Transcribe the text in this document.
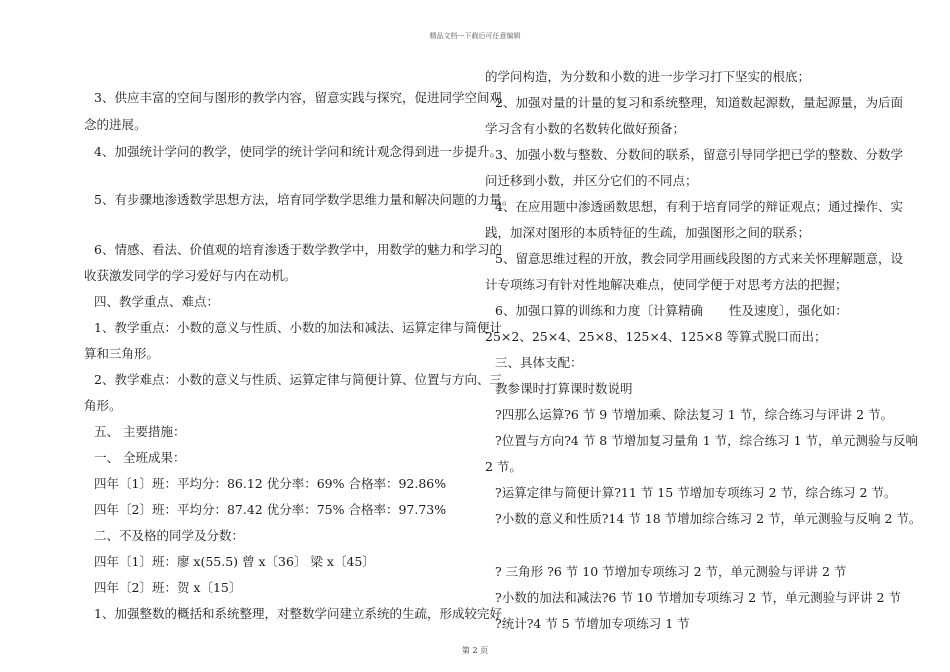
精品文档---下载后可任意编辑
3、供应丰富的空间与图形的教学内容，留意实践与探究，促进同学空间观
念的进展。
4、加强统计学问的教学，使同学的统计学问和统计观念得到进一步提升。
5、有步骤地渗透数学思想方法，培育同学数学思维力量和解决问题的力量。
6、情感、看法、价值观的培育渗透于数学教学中，用数学的魅力和学习的
收获激发同学的学习爱好与内在动机。
四、教学重点、难点：
1、教学重点：小数的意义与性质、小数的加法和减法、运算定律与简便计
算和三角形。
2、教学难点：小数的意义与性质、运算定律与简便计算、位置与方向、三
角形。
五、 主要措施：
一、 全班成果：
四年〔1〕班：平均分：86.12 优分率：69% 合格率：92.86%
四年〔2〕班：平均分：87.42 优分率：75% 合格率：97.73%
二、不及格的同学及分数：
四年〔1〕班：廖 x(55.5) 曾 x〔36〕 梁 x〔45〕
四年〔2〕班：贺 x〔15〕
1、加强整数的概括和系统整理，对整数学问建立系统的生疏，形成较完好
的学问构造，为分数和小数的进一步学习打下坚实的根底；
2、加强对量的计量的复习和系统整理，知道数起源数，量起源量，为后面
学习含有小数的名数转化做好预备；
3、加强小数与整数、分数间的联系，留意引导同学把已学的整数、分数学
问迁移到小数，并区分它们的不同点；
4、在应用题中渗透函数思想，有利于培育同学的辩证观点；通过操作、实
践，加深对图形的本质特征的生疏，加强图形之间的联系；
5、留意思维过程的开放，教会同学用画线段图的方式来关怀理解题意，设
计专项练习有针对性地解决难点，使同学便于对思考方法的把握；
6、加强口算的训练和力度〔计算精确 性及速度〕，强化如：
25×2、25×4、25×8、125×4、125×8 等算式脱口而出；
三、具体支配：
教参课时打算课时数说明
?四那么运算?6 节 9 节增加乘、除法复习 1 节，综合练习与评讲 2 节。
?位置与方向?4 节 8 节增加复习量角 1 节，综合练习 1 节，单元测验与反响
2 节。
?运算定律与简便计算?11 节 15 节增加专项练习 2 节，综合练习 2 节。
?小数的意义和性质?14 节 18 节增加综合练习 2 节，单元测验与反响 2 节。
? 三角形 ?6 节 10 节增加专项练习 2 节，单元测验与评讲 2 节
?小数的加法和减法?6 节 10 节增加专项练习 2 节，单元测验与评讲 2 节
?统计?4 节 5 节增加专项练习 1 节
第 2 页
